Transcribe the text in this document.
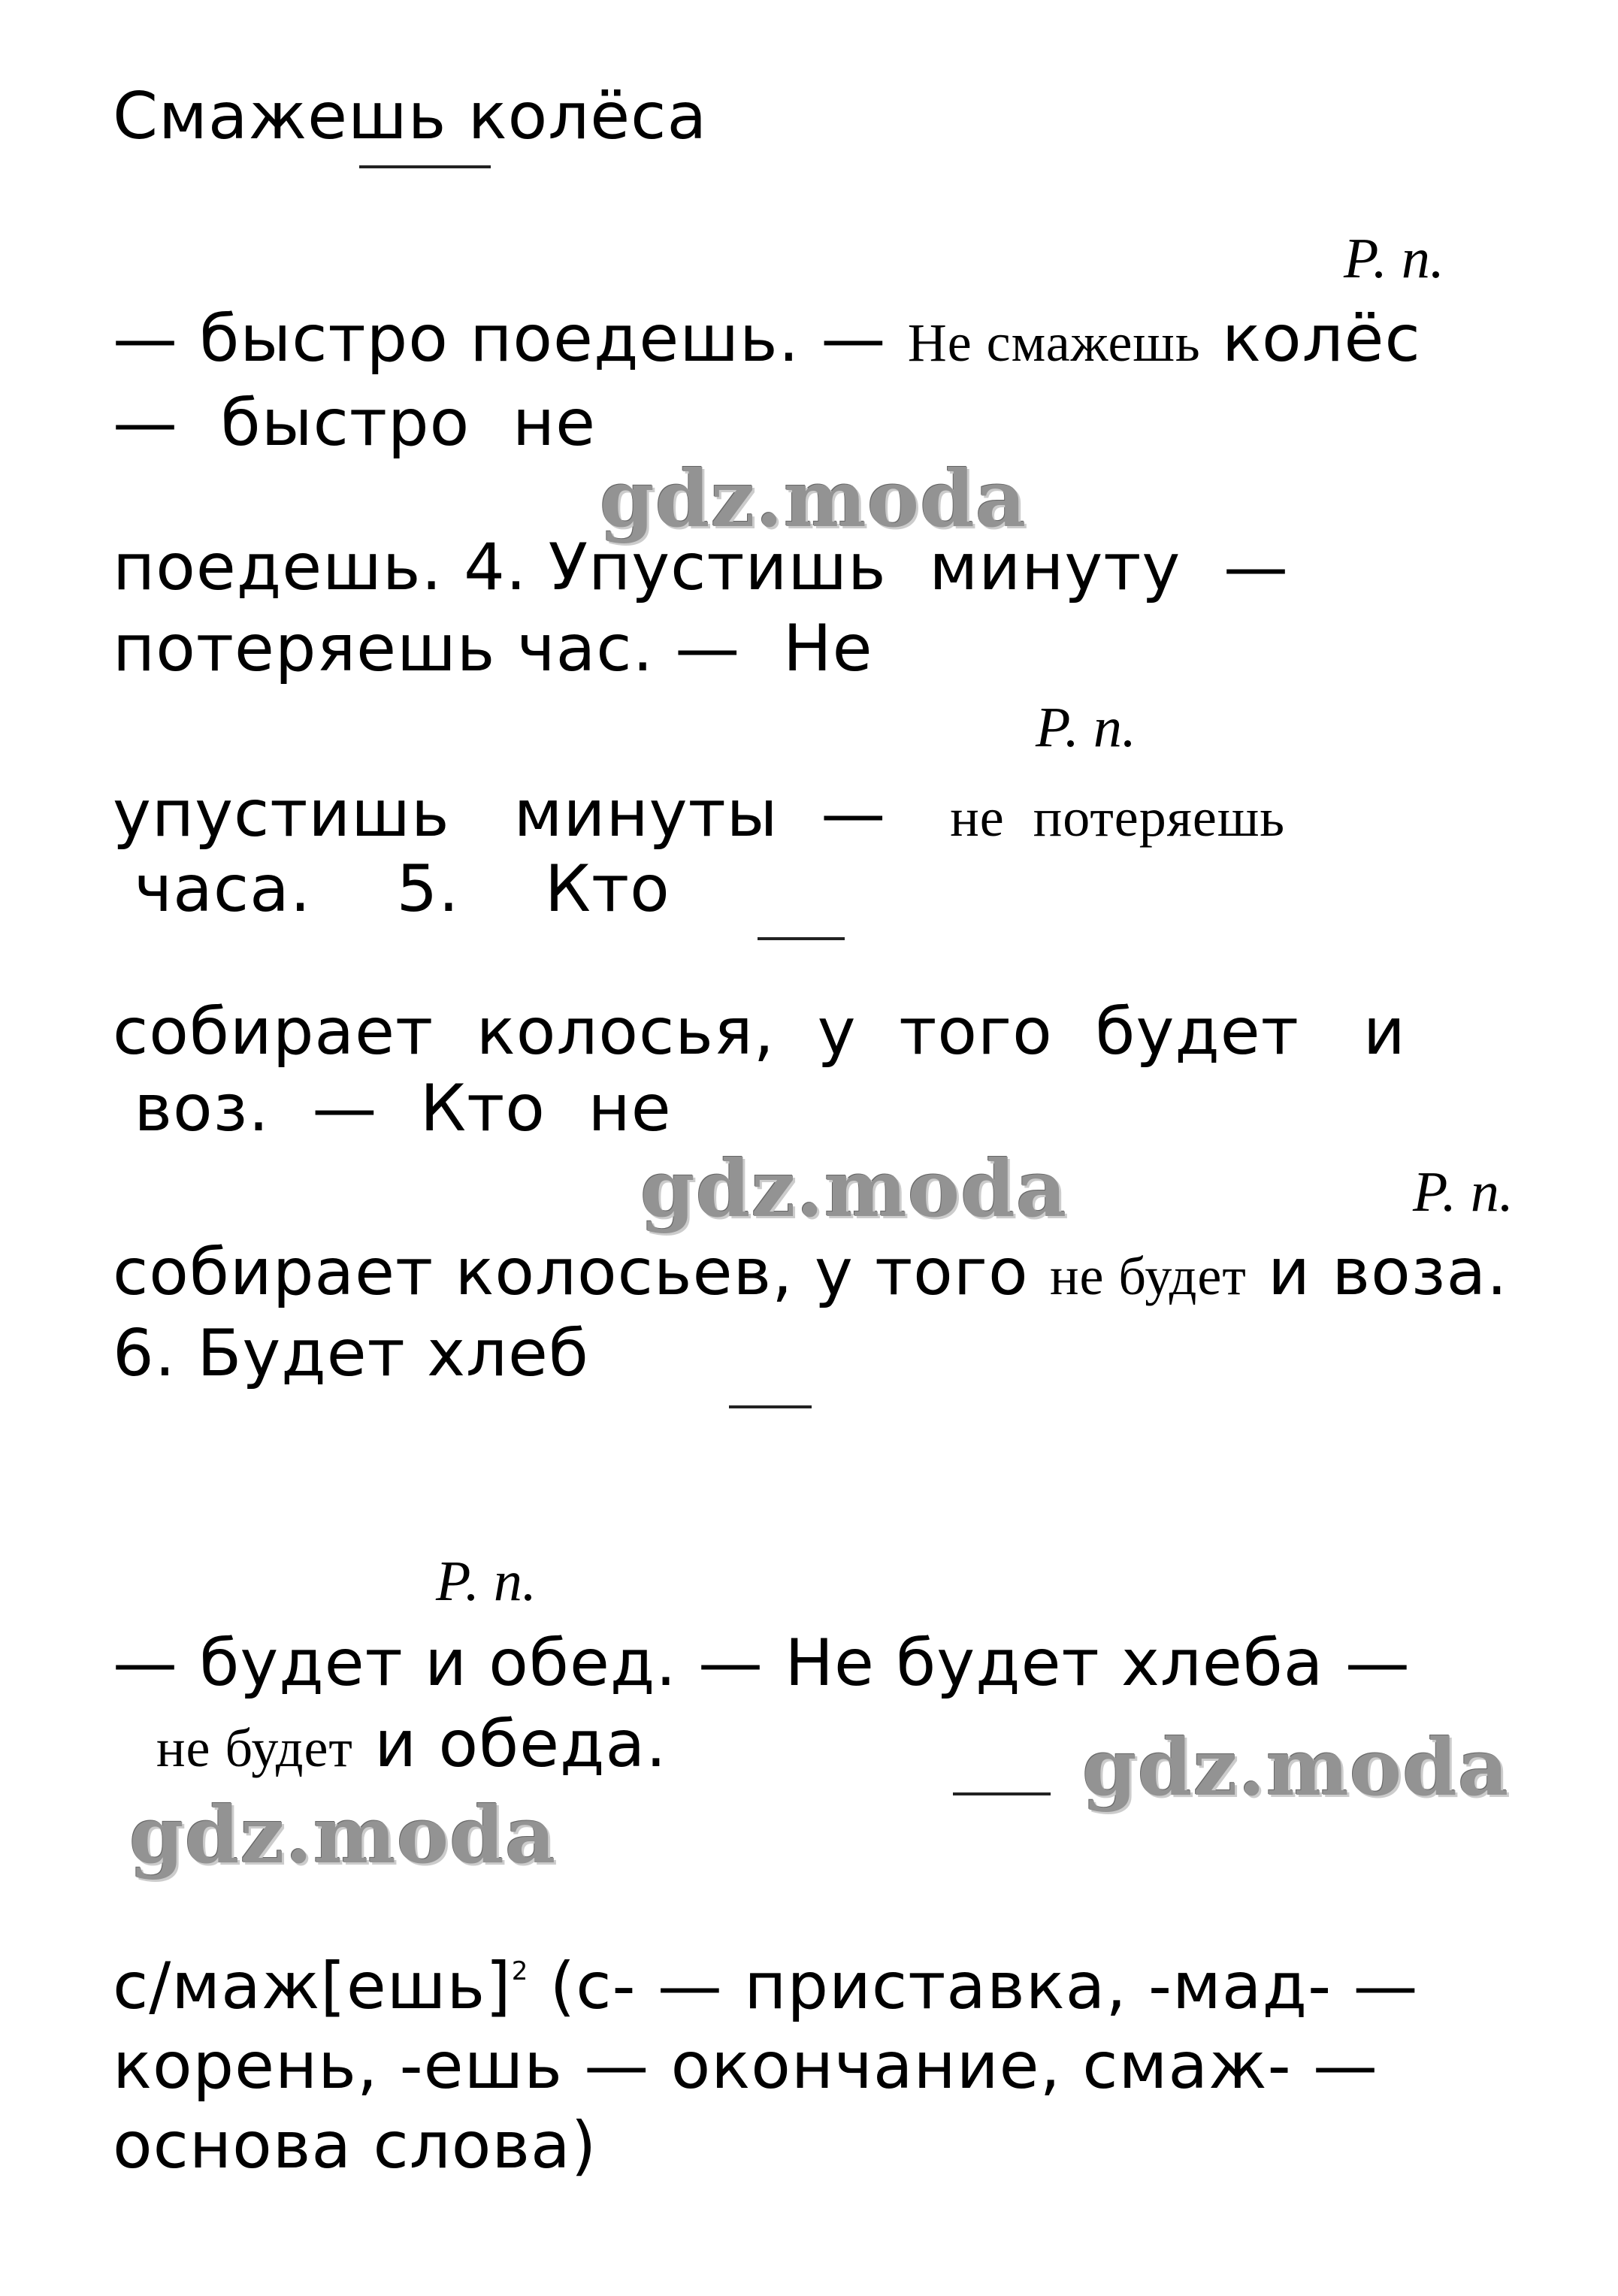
Смажешь колёса
Р. п.
— быстро поедешь. — Не смажешь колёс
—  быстро  не
gdz.moda
поедешь. 4. Упустишь  минуту  —
потеряешь час. —  Не
Р. п.
упустишь   минуты  —   не  потеряешь
часа.    5.    Кто
собирает  колосья,  у  того  будет   и
воз.  —  Кто  не
gdz.moda	Р. п.
собирает колосьев, у того не будет и воза.
6. Будет хлеб
Р. п.
— будет и обед. — Не будет хлеба —
не будет и обеда.	gdz.moda
gdz.moda
с/маж[ешь]$^2$ (с- — приставка, -мад- —
корень, -ешь — окончание, смаж- —
основа слова)
